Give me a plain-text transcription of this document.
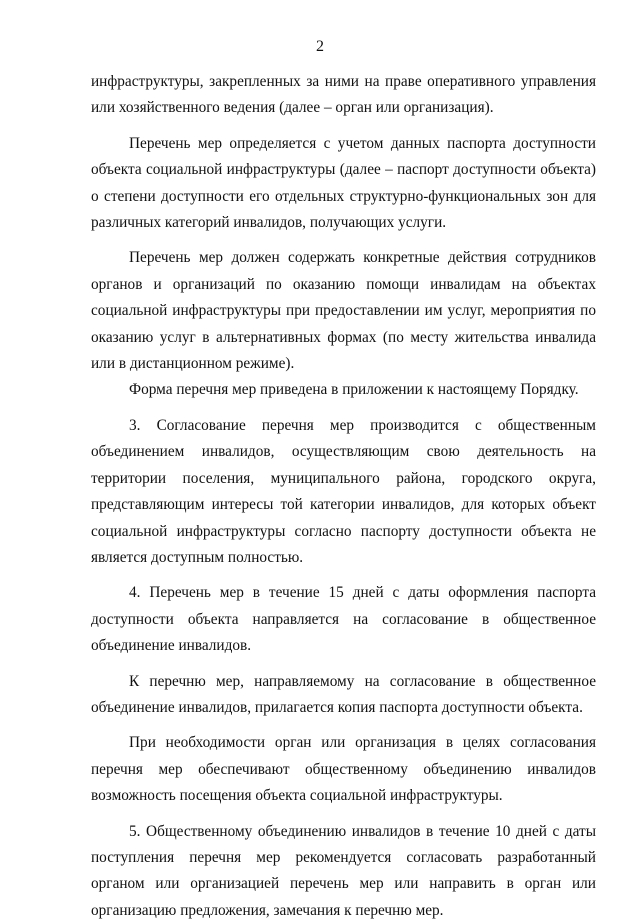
2

инфраструктуры, закрепленных за ними на праве оперативного управления или хозяйственного ведения (далее – орган или организация).

Перечень мер определяется с учетом данных паспорта доступности объекта социальной инфраструктуры (далее – паспорт доступности объекта) о степени доступности его отдельных структурно-функциональных зон для различных категорий инвалидов, получающих услуги.

Перечень мер должен содержать конкретные действия сотрудников органов и организаций по оказанию помощи инвалидам на объектах социальной инфраструктуры при предоставлении им услуг, мероприятия по оказанию услуг в альтернативных формах (по месту жительства инвалида или в дистанционном режиме).

Форма перечня мер приведена в приложении к настоящему Порядку.

3. Согласование перечня мер производится с общественным объединением инвалидов, осуществляющим свою деятельность на территории поселения, муниципального района, городского округа, представляющим интересы той категории инвалидов, для которых объект социальной инфраструктуры согласно паспорту доступности объекта не является доступным полностью.

4. Перечень мер в течение 15 дней с даты оформления паспорта доступности объекта направляется на согласование в общественное объединение инвалидов.

К перечню мер, направляемому на согласование в общественное объединение инвалидов, прилагается копия паспорта доступности объекта.

При необходимости орган или организация в целях согласования перечня мер обеспечивают общественному объединению инвалидов возможность посещения объекта социальной инфраструктуры.

5. Общественному объединению инвалидов в течение 10 дней с даты поступления перечня мер рекомендуется согласовать разработанный органом или организацией перечень мер или направить в орган или организацию предложения, замечания к перечню мер.
